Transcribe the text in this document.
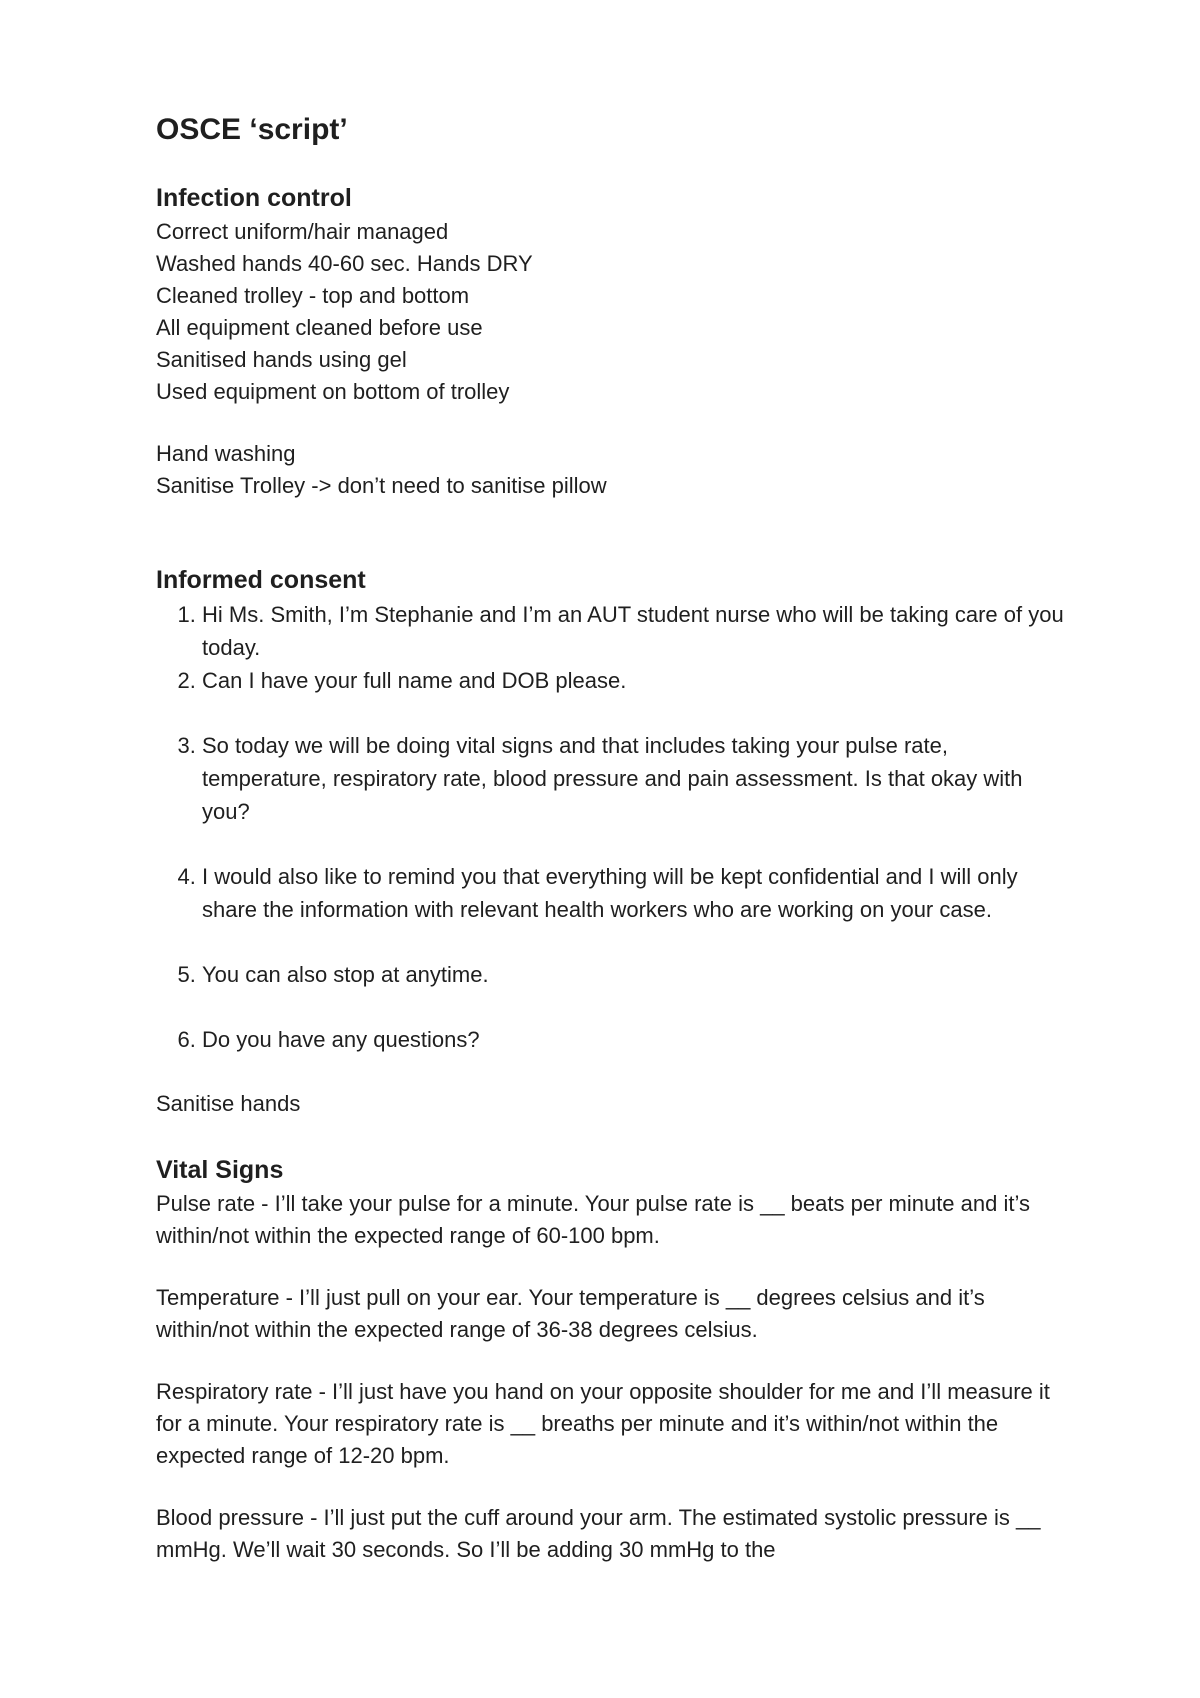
OSCE ‘script’
Infection control

Correct uniform/hair managed

Washed hands 40-60 sec. Hands DRY

Cleaned trolley - top and bottom

All equipment cleaned before use

Sanitised hands using gel

Used equipment on bottom of trolley

Hand washing

Sanitise Trolley -> don’t need to sanitise pillow

Informed consent
1. Hi Ms. Smith, I’m Stephanie and I’m an AUT student nurse who will be taking care of you today.
2. Can I have your full name and DOB please.
3. So today we will be doing vital signs and that includes taking your pulse rate, temperature, respiratory rate, blood pressure and pain assessment. Is that okay with you?
4. I would also like to remind you that everything will be kept confidential and I will only share the information with relevant health workers who are working on your case.
5. You can also stop at anytime.
6. Do you have any questions?

Sanitise hands

Vital Signs

Pulse rate - I’ll take your pulse for a minute. Your pulse rate is __ beats per minute and it’s within/not within the expected range of 60-100 bpm.

Temperature - I’ll just pull on your ear. Your temperature is __ degrees celsius and it’s within/not within the expected range of 36-38 degrees celsius.

Respiratory rate - I’ll just have you hand on your opposite shoulder for me and I’ll measure it for a minute. Your respiratory rate is __ breaths per minute and it’s within/not within the expected range of 12-20 bpm.

Blood pressure - I’ll just put the cuff around your arm. The estimated systolic pressure is __ mmHg. We’ll wait 30 seconds. So I’ll be adding 30 mmHg to the
